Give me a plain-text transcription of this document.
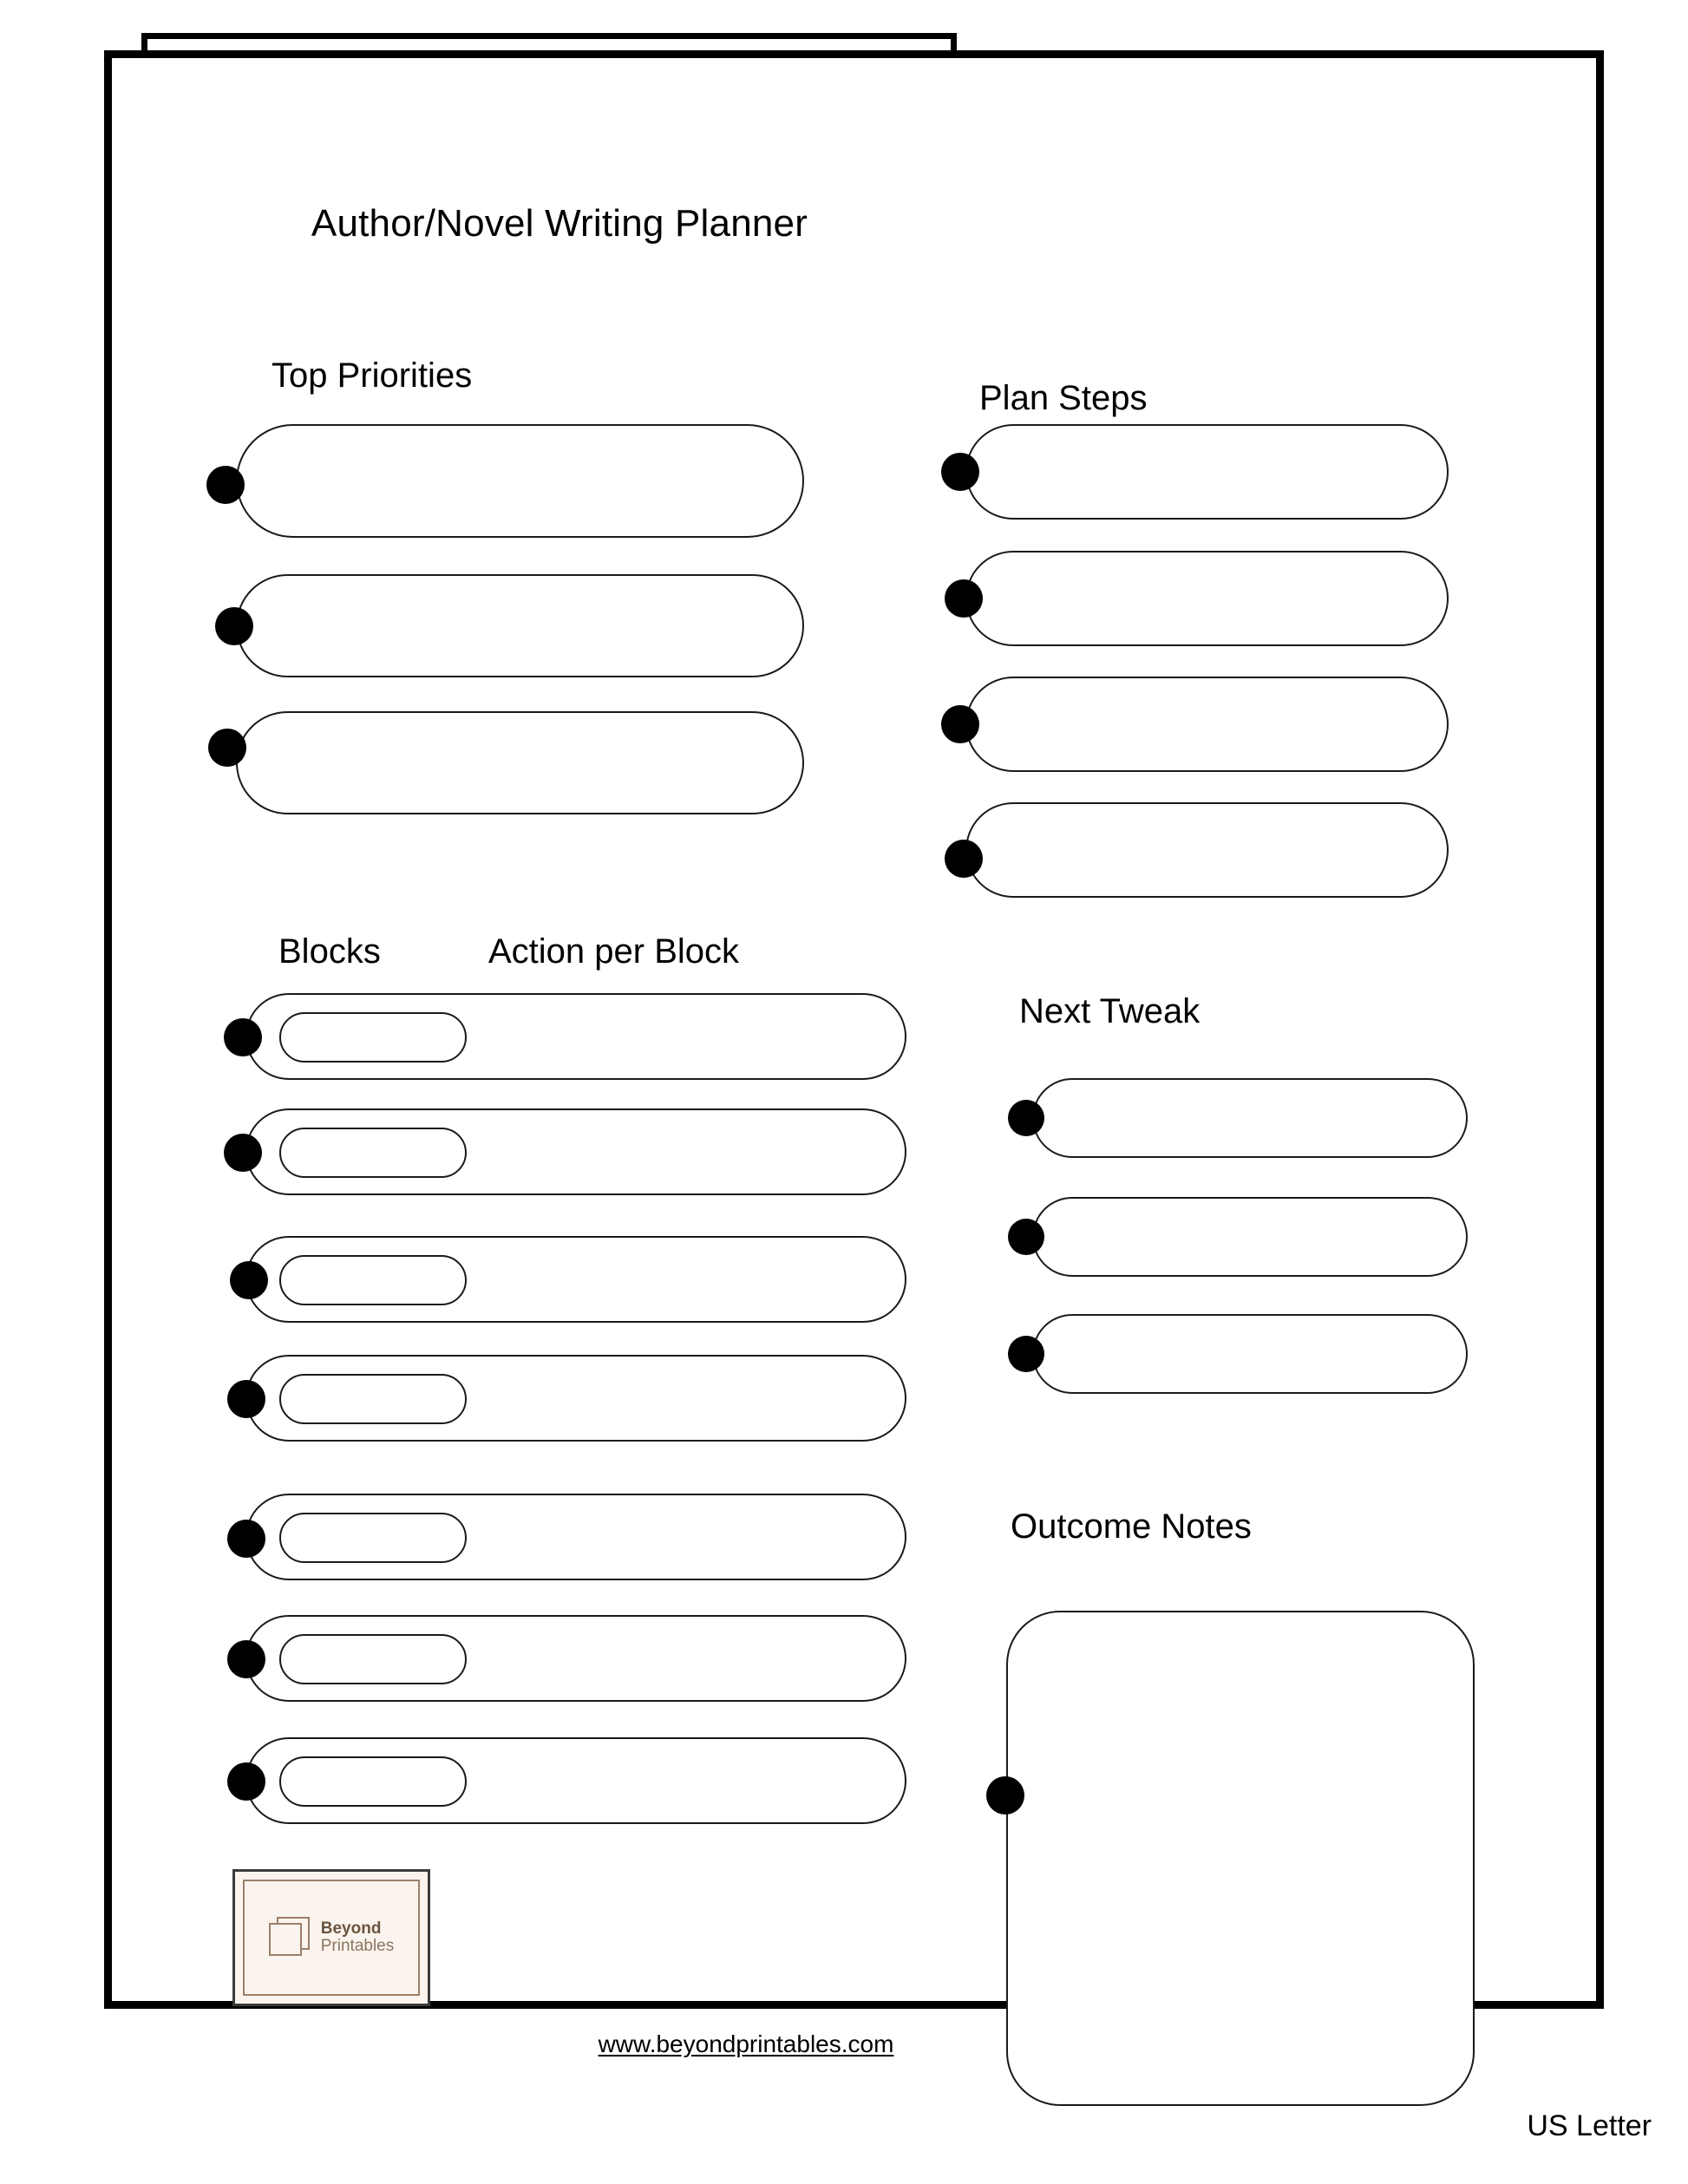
Author/Novel Writing Planner
Top Priorities
Plan Steps
Blocks	Action per Block
Next Tweak
Outcome Notes
Beyond
Printables
www.beyondprintables.com
US Letter
